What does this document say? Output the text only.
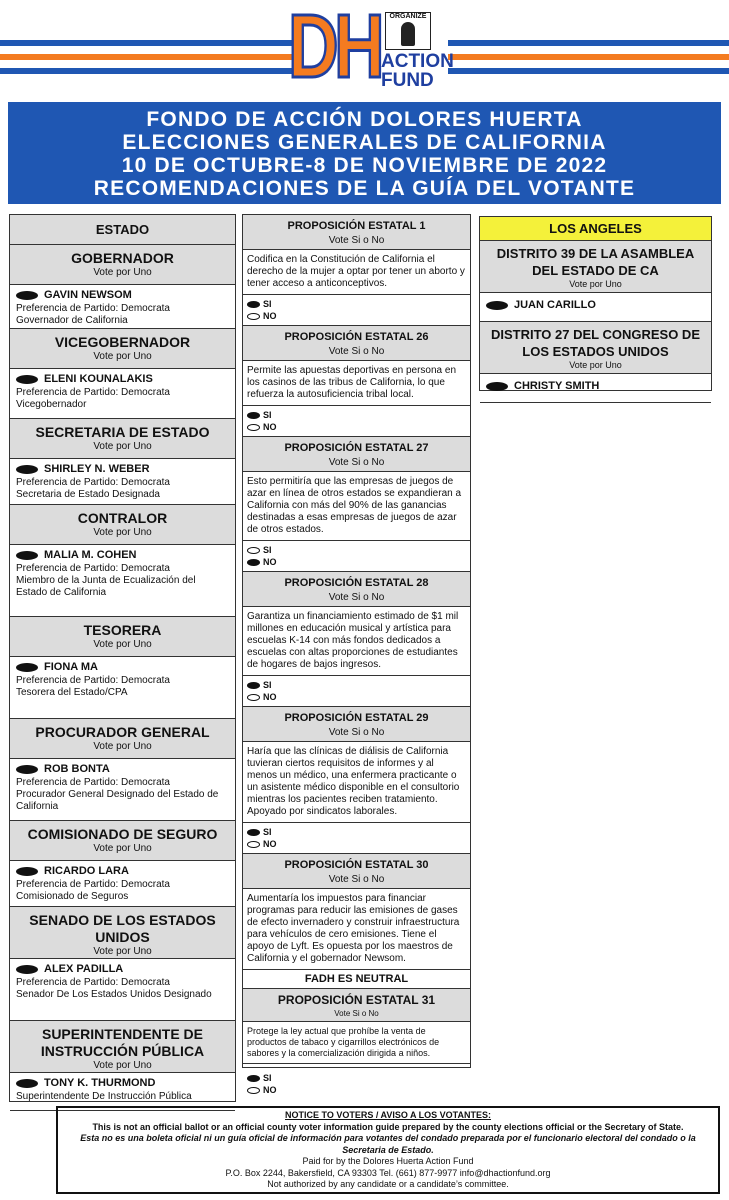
DH	ORGANIZE
ACTION
FUND
FONDO DE ACCIÓN DOLORES HUERTA
ELECCIONES GENERALES DE CALIFORNIA
10 DE OCTUBRE-8 DE NOVIEMBRE DE 2022
RECOMENDACIONES DE LA GUÍA DEL VOTANTE
ESTADO
GOBERNADOR
Vote por Uno
GAVIN NEWSOM
Preferencia de Partido: Democrata
Governador de California
VICEGOBERNADOR
Vote por Uno
ELENI KOUNALAKIS
Preferencia de Partido: Democrata
Vicegobernador
SECRETARIA DE ESTADO
Vote por Uno
SHIRLEY N. WEBER
Preferencia de Partido: Democrata
Secretaria de Estado Designada
CONTRALOR
Vote por Uno
MALIA M. COHEN
Preferencia de Partido: Democrata
Miembro de la Junta de Ecualización del Estado de California
TESORERA
Vote por Uno
FIONA MA
Preferencia de Partido: Democrata
Tesorera del Estado/CPA
PROCURADOR GENERAL
Vote por Uno
ROB BONTA
Preferencia de Partido: Democrata
Procurador General Designado del Estado de California
COMISIONADO DE SEGURO
Vote por Uno
RICARDO LARA
Preferencia de Partido: Democrata
Comisionado de Seguros
SENADO DE LOS ESTADOS UNIDOS
Vote por Uno
ALEX PADILLA
Preferencia de Partido: Democrata
Senador De Los Estados Unidos Designado
SUPERINTENDENTE DE INSTRUCCIÓN PÚBLICA
Vote por Uno
TONY K. THURMOND
Superintendente De Instrucción Pública
PROPOSICIÓN ESTATAL 1
Vote Si o No
Codifica en la Constitución de California el derecho de la mujer a optar por tener un aborto y tener acceso a anticonceptivos.
SI
NO
PROPOSICIÓN ESTATAL 26
Vote Si o No
Permite las apuestas deportivas en persona en los casinos de las tribus de California, lo que refuerza la autosuficiencia tribal local.
SI
NO
PROPOSICIÓN ESTATAL 27
Vote Si o No
Esto permitiría que las empresas de juegos de azar en línea de otros estados se expandieran a California con más del 90% de las ganancias destinadas a esas empresas de juegos de azar de otros estados.
SI
NO
PROPOSICIÓN ESTATAL 28
Vote Si o No
Garantiza un financiamiento estimado de $1 mil millones en educación musical y artística para escuelas K-14 con más fondos dedicados a escuelas con altas proporciones de estudiantes de hogares de bajos ingresos.
SI
NO
PROPOSICIÓN ESTATAL 29
Vote Si o No
Haría que las clínicas de diálisis de California tuvieran ciertos requisitos de informes y al menos un médico, una enfermera practicante o un asistente médico disponible en el consultorio mientras los pacientes reciben tratamiento. Apoyado por sindicatos laborales.
SI
NO
PROPOSICIÓN ESTATAL 30
Vote Si o No
Aumentaría los impuestos para financiar programas para reducir las emisiones de gases de efecto invernadero y construir infraestructura para vehículos de cero emisiones. Tiene el apoyo de Lyft. Es opuesta por los maestros de California y el gobernador Newsom.
FADH ES NEUTRAL
PROPOSICIÓN ESTATAL 31
Vote Si o No
Protege la ley actual que prohíbe la venta de productos de tabaco y cigarrillos electrónicos de sabores y la comercialización dirigida a niños.
SI
NO
LOS ANGELES
DISTRITO 39 DE LA ASAMBLEA DEL ESTADO DE CA
Vote por Uno
JUAN CARILLO
DISTRITO 27 DEL CONGRESO DE LOS ESTADOS UNIDOS
Vote por Uno
CHRISTY SMITH
NOTICE TO VOTERS / AVISO A LOS VOTANTES:
This is not an official ballot or an official county voter information guide prepared by the county elections official or the Secretary of State.
Esta no es una boleta oficial ni un guía oficial de información para votantes del condado preparada por el funcionario electoral del condado o la Secretaria de Estado.
Paid for by the Dolores Huerta Action Fund
P.O. Box 2244, Bakersfield, CA 93303 Tel. (661) 877-9977 info@dhactionfund.org
Not authorized by any candidate or a candidate’s committee.
